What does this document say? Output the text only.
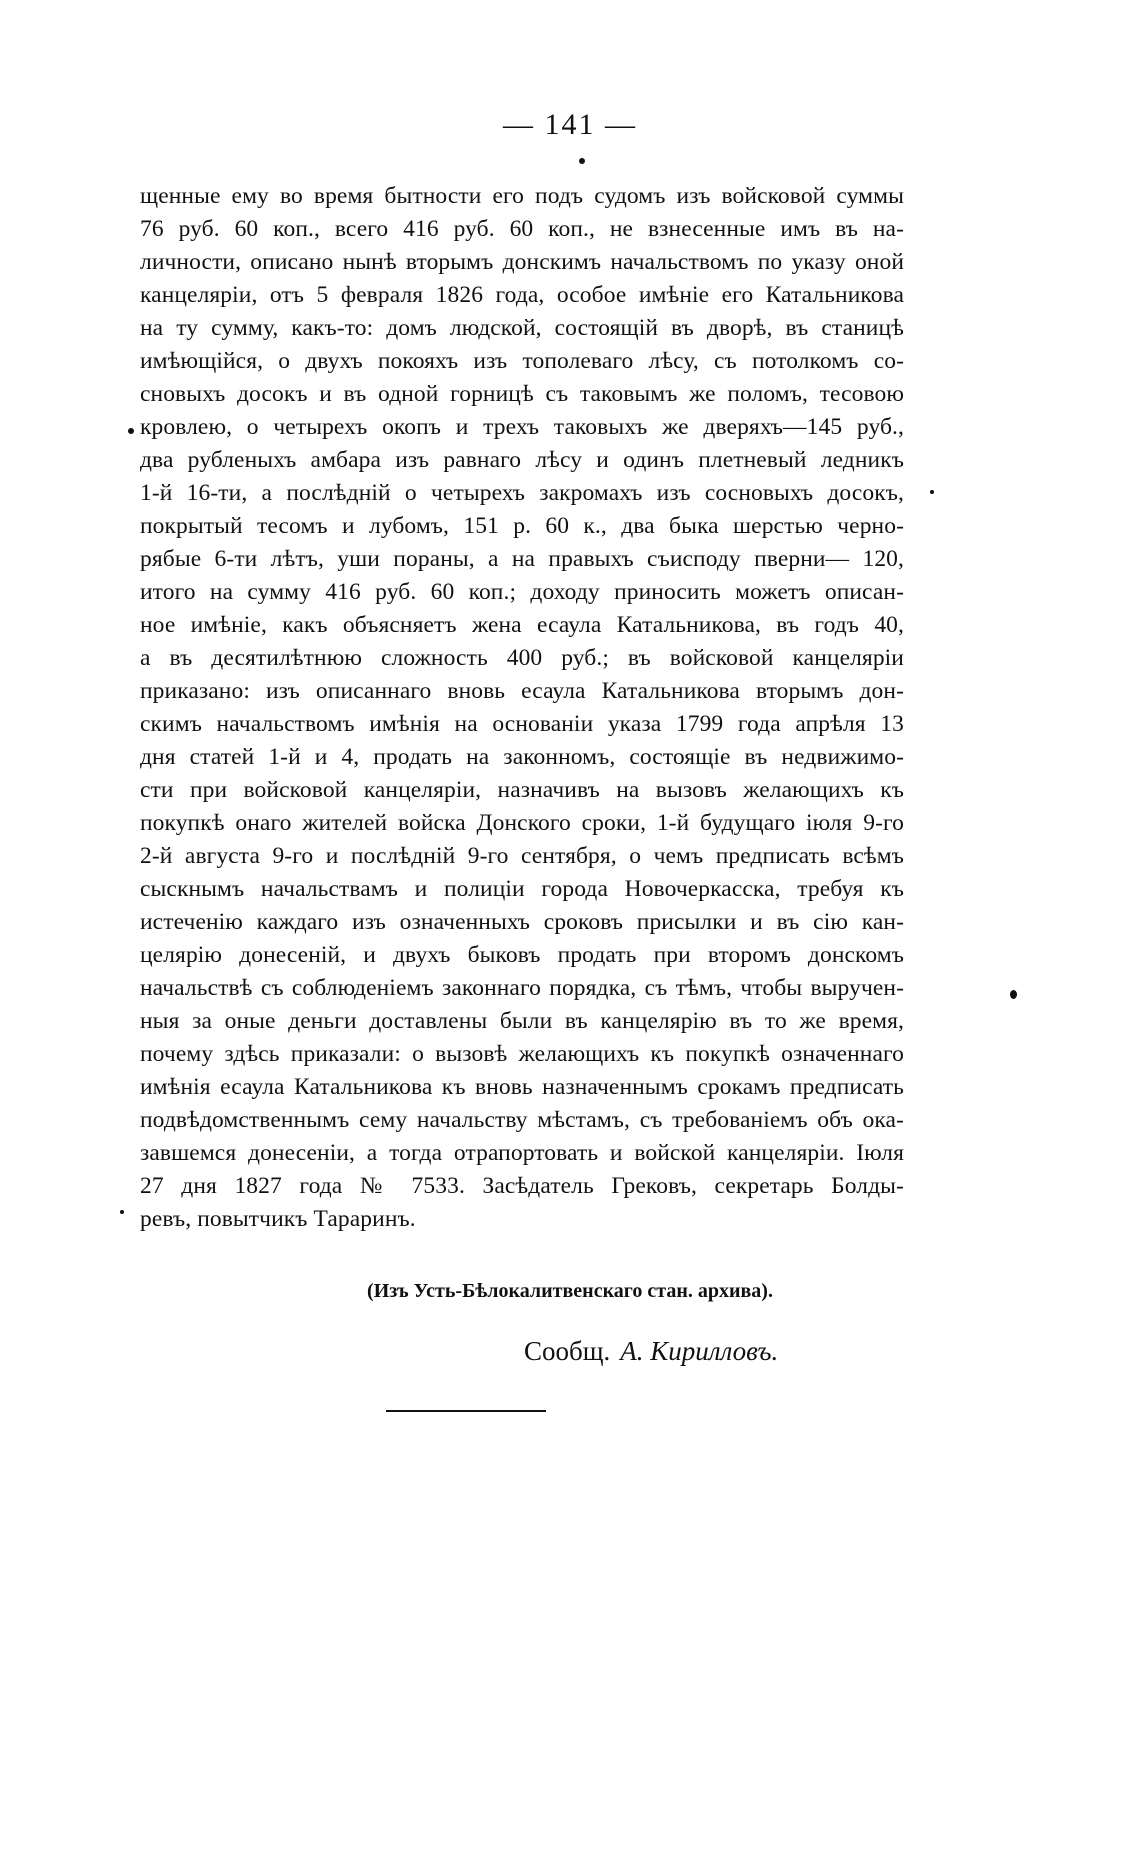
— 141 —
щенные ему во время бытности его подъ судомъ изъ войсковой суммы
76 руб. 60 коп., всего 416 руб. 60 коп., не взнесенные имъ въ на-
личности, описано нынѣ вторымъ донскимъ начальствомъ по указу оной
канцеляріи, отъ 5 февраля 1826 года, особое имѣніе его Катальникова
на ту сумму, какъ-то: домъ людской, состоящій въ дворѣ, въ станицѣ
имѣющійся, о двухъ покояхъ изъ тополеваго лѣсу, съ потолкомъ со-
сновыхъ досокъ и въ одной горницѣ съ таковымъ же поломъ, тесовою
кровлею, о четырехъ окопъ и трехъ таковыхъ же дверяхъ—145 руб.,
два рубленыхъ амбара изъ равнаго лѣсу и одинъ плетневый ледникъ
1-й 16-ти, а послѣдній о четырехъ закромахъ изъ сосновыхъ досокъ,
покрытый тесомъ и лубомъ, 151 р. 60 к., два быка шерстью черно-
рябые 6-ти лѣтъ, уши пораны, а на правыхъ съисподу пверни— 120,
итого на сумму 416 руб. 60 коп.; доходу приносить можетъ описан-
ное имѣніе, какъ объясняетъ жена есаула Катальникова, въ годъ 40,
а въ десятилѣтнюю сложность 400 руб.; въ войсковой канцеляріи
приказано: изъ описаннаго вновь есаула Катальникова вторымъ дон-
скимъ начальствомъ имѣнія на основаніи указа 1799 года апрѣля 13
дня статей 1-й и 4, продать на законномъ, состоящіе въ недвижимо-
сти при войсковой канцеляріи, назначивъ на вызовъ желающихъ къ
покупкѣ онаго жителей войска Донского сроки, 1-й будущаго іюля 9-го
2-й августа 9-го и послѣдній 9-го сентября, о чемъ предписать всѣмъ
сыскнымъ начальствамъ и полиціи города Новочеркасска, требуя къ
истеченію каждаго изъ означенныхъ сроковъ присылки и въ сію кан-
целярію донесеній, и двухъ быковъ продать при второмъ донскомъ
начальствѣ съ соблюденіемъ законнаго порядка, съ тѣмъ, чтобы выручен-
ныя за оные деньги доставлены были въ канцелярію въ то же время,
почему здѣсь приказали: о вызовѣ желающихъ къ покупкѣ означеннаго
имѣнія есаула Катальникова къ вновь назначеннымъ срокамъ предписать
подвѣдомственнымъ сему начальству мѣстамъ, съ требованіемъ объ ока-
завшемся донесеніи, а тогда отрапортовать и войской канцеляріи. Іюля
27 дня 1827 года № 7533. Засѣдатель Грековъ, секретарь Болды-
ревъ, повытчикъ Тараринъ.
(Изъ Усть-Бѣлокалитвенскаго стан. архива).
Сообщ. А. Кирилловъ.
